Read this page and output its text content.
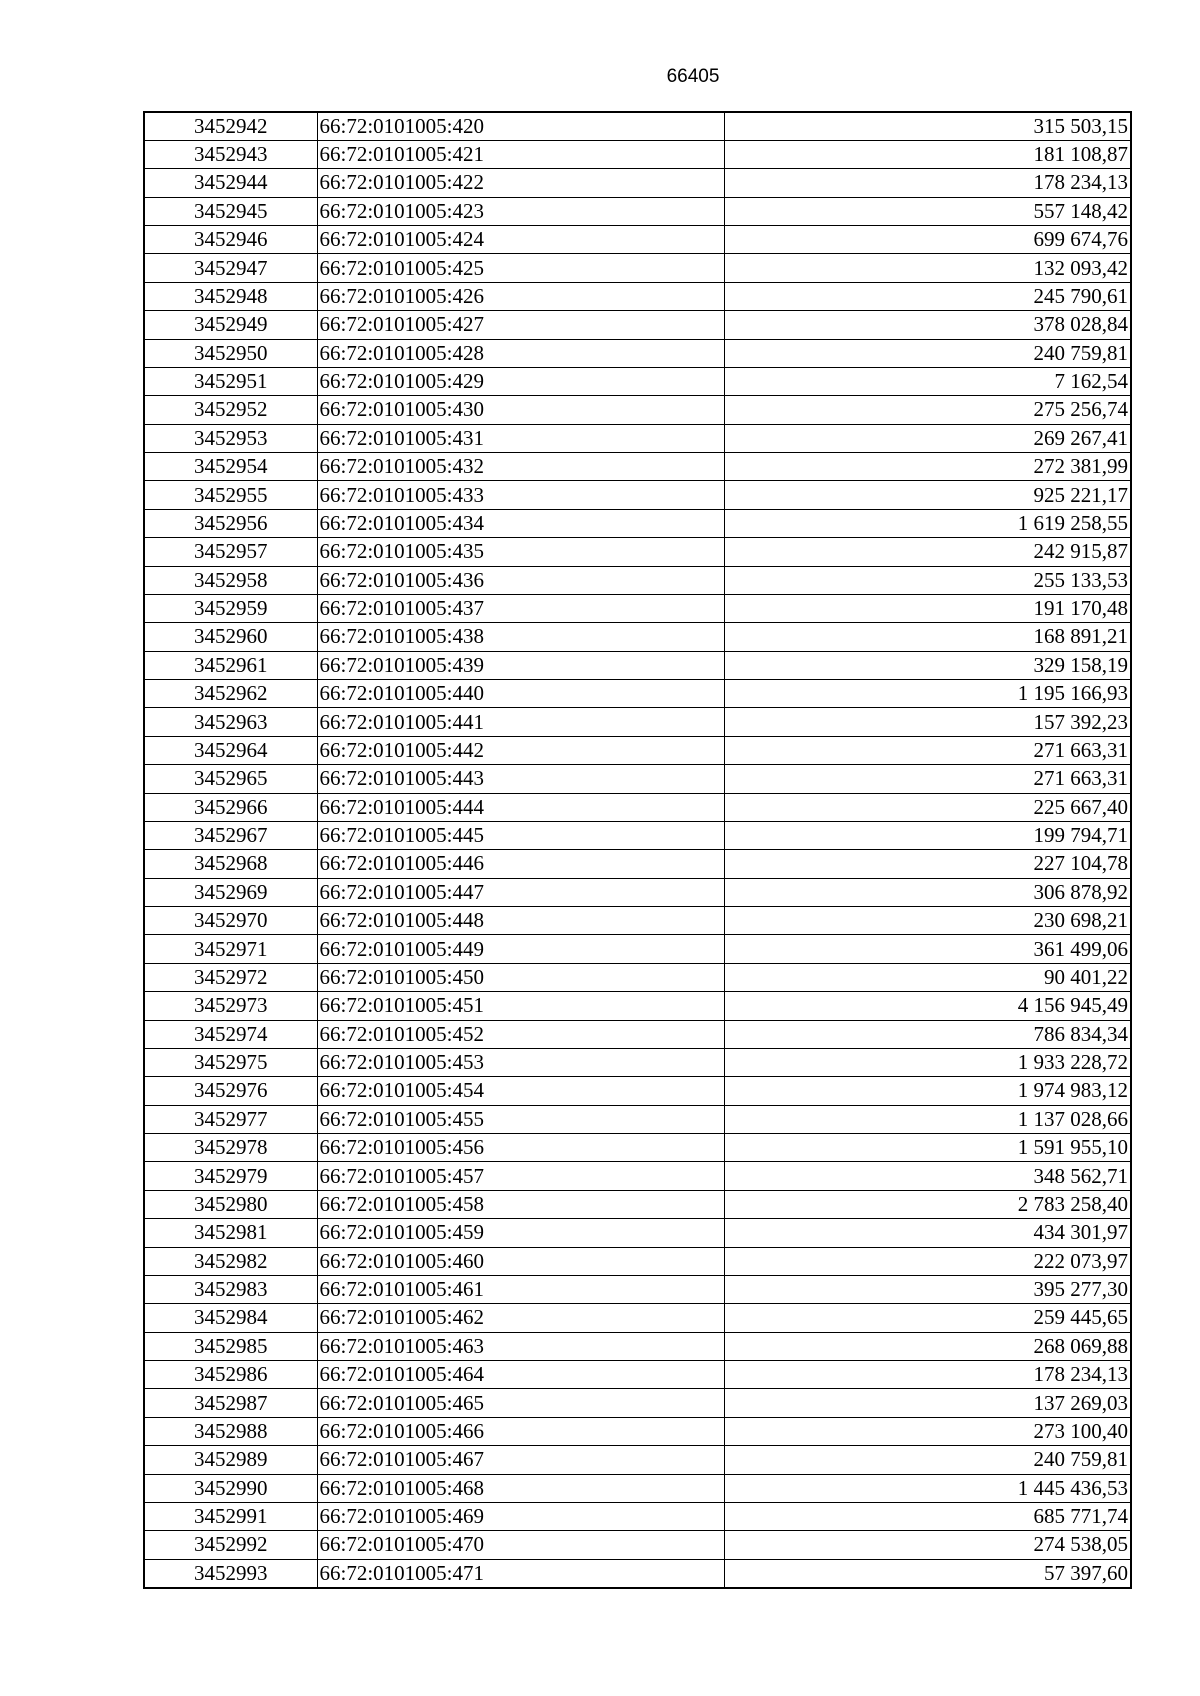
66405
3452942	66:72:0101005:420	315 503,15
3452943	66:72:0101005:421	181 108,87
3452944	66:72:0101005:422	178 234,13
3452945	66:72:0101005:423	557 148,42
3452946	66:72:0101005:424	699 674,76
3452947	66:72:0101005:425	132 093,42
3452948	66:72:0101005:426	245 790,61
3452949	66:72:0101005:427	378 028,84
3452950	66:72:0101005:428	240 759,81
3452951	66:72:0101005:429	7 162,54
3452952	66:72:0101005:430	275 256,74
3452953	66:72:0101005:431	269 267,41
3452954	66:72:0101005:432	272 381,99
3452955	66:72:0101005:433	925 221,17
3452956	66:72:0101005:434	1 619 258,55
3452957	66:72:0101005:435	242 915,87
3452958	66:72:0101005:436	255 133,53
3452959	66:72:0101005:437	191 170,48
3452960	66:72:0101005:438	168 891,21
3452961	66:72:0101005:439	329 158,19
3452962	66:72:0101005:440	1 195 166,93
3452963	66:72:0101005:441	157 392,23
3452964	66:72:0101005:442	271 663,31
3452965	66:72:0101005:443	271 663,31
3452966	66:72:0101005:444	225 667,40
3452967	66:72:0101005:445	199 794,71
3452968	66:72:0101005:446	227 104,78
3452969	66:72:0101005:447	306 878,92
3452970	66:72:0101005:448	230 698,21
3452971	66:72:0101005:449	361 499,06
3452972	66:72:0101005:450	90 401,22
3452973	66:72:0101005:451	4 156 945,49
3452974	66:72:0101005:452	786 834,34
3452975	66:72:0101005:453	1 933 228,72
3452976	66:72:0101005:454	1 974 983,12
3452977	66:72:0101005:455	1 137 028,66
3452978	66:72:0101005:456	1 591 955,10
3452979	66:72:0101005:457	348 562,71
3452980	66:72:0101005:458	2 783 258,40
3452981	66:72:0101005:459	434 301,97
3452982	66:72:0101005:460	222 073,97
3452983	66:72:0101005:461	395 277,30
3452984	66:72:0101005:462	259 445,65
3452985	66:72:0101005:463	268 069,88
3452986	66:72:0101005:464	178 234,13
3452987	66:72:0101005:465	137 269,03
3452988	66:72:0101005:466	273 100,40
3452989	66:72:0101005:467	240 759,81
3452990	66:72:0101005:468	1 445 436,53
3452991	66:72:0101005:469	685 771,74
3452992	66:72:0101005:470	274 538,05
3452993	66:72:0101005:471	57 397,60
